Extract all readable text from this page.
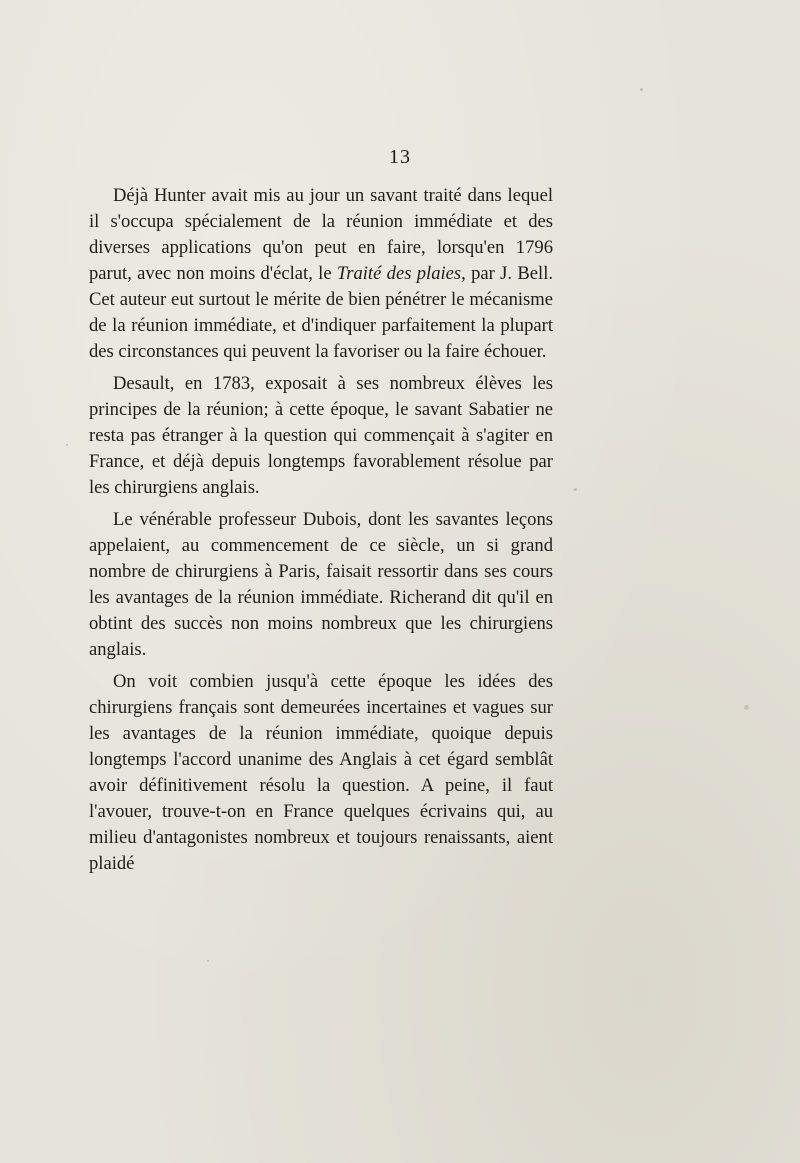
13

Déjà Hunter avait mis au jour un savant traité dans lequel il s'occupa spécialement de la réunion immédiate et des diverses applications qu'on peut en faire, lorsqu'en 1796 parut, avec non moins d'éclat, le Traité des plaies, par J. Bell. Cet auteur eut surtout le mérite de bien pénétrer le mécanisme de la réunion immédiate, et d'indiquer parfaitement la plupart des circonstances qui peuvent la favoriser ou la faire échouer.

Desault, en 1783, exposait à ses nombreux élèves les principes de la réunion; à cette époque, le savant Sabatier ne resta pas étranger à la question qui commençait à s'agiter en France, et déjà depuis longtemps favorablement résolue par les chirurgiens anglais.

Le vénérable professeur Dubois, dont les savantes leçons appelaient, au commencement de ce siècle, un si grand nombre de chirurgiens à Paris, faisait ressortir dans ses cours les avantages de la réunion immédiate. Richerand dit qu'il en obtint des succès non moins nombreux que les chirurgiens anglais.

On voit combien jusqu'à cette époque les idées des chirurgiens français sont demeurées incertaines et vagues sur les avantages de la réunion immédiate, quoique depuis longtemps l'accord unanime des Anglais à cet égard semblât avoir définitivement résolu la question. A peine, il faut l'avouer, trouve-t-on en France quelques écrivains qui, au milieu d'antagonistes nombreux et toujours renaissants, aient plaidé
